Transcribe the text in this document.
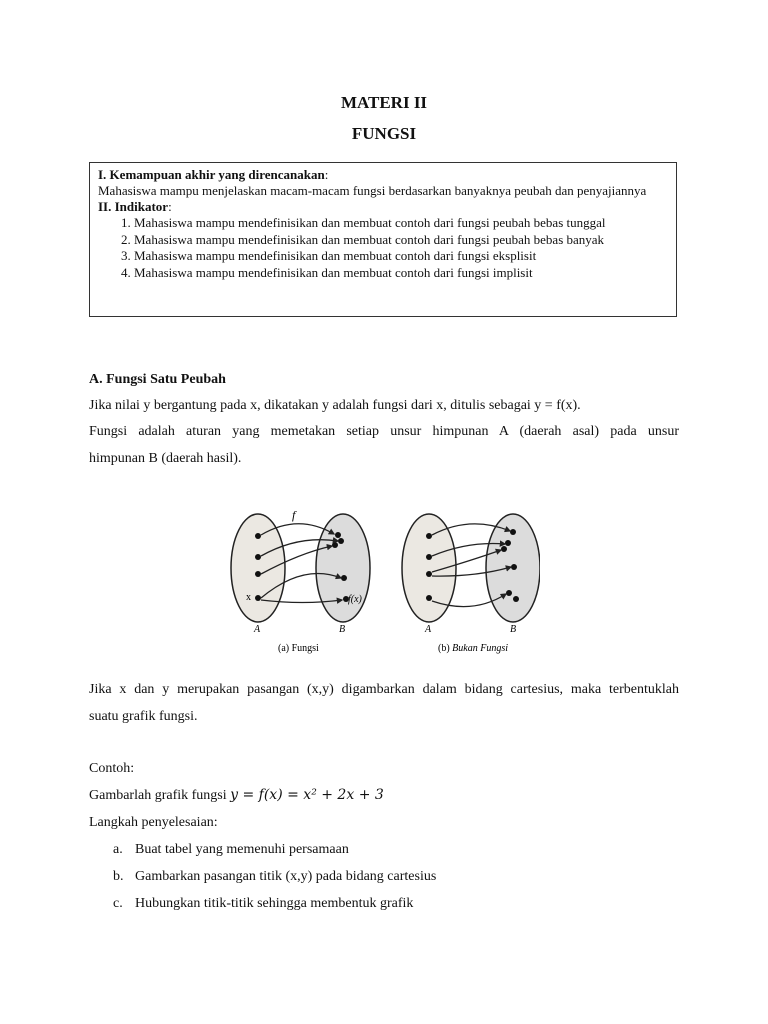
MATERI II
FUNGSI
I. Kemampuan akhir yang direncanakan:
Mahasiswa mampu menjelaskan macam-macam fungsi berdasarkan banyaknya peubah dan penyajiannya
II. Indikator:
1. Mahasiswa mampu mendefinisikan dan membuat contoh dari fungsi peubah bebas tunggal
2. Mahasiswa mampu mendefinisikan dan membuat contoh dari fungsi peubah bebas banyak
3. Mahasiswa mampu mendefinisikan dan membuat contoh dari fungsi eksplisit
4. Mahasiswa mampu mendefinisikan dan membuat contoh dari fungsi implisit

A. Fungsi Satu Peubah

Jika nilai y bergantung pada x, dikatakan y adalah fungsi dari x, ditulis sebagai y = f(x).

Fungsi adalah aturan yang memetakan setiap unsur himpunan A (daerah asal) pada unsur

himpunan B (daerah hasil).

f
x	f(x)
A	B
(a) Fungsi
A	B
(b) Bukan Fungsi

Jika x dan y merupakan pasangan (x,y) digambarkan dalam bidang cartesius, maka terbentuklah

suatu grafik fungsi.

Contoh:

Gambarlah grafik fungsi y = f(x) = x² + 2x + 3

Langkah penyelesaian:

a. Buat tabel yang memenuhi persamaan
b. Gambarkan pasangan titik (x,y) pada bidang cartesius
c. Hubungkan titik-titik sehingga membentuk grafik
